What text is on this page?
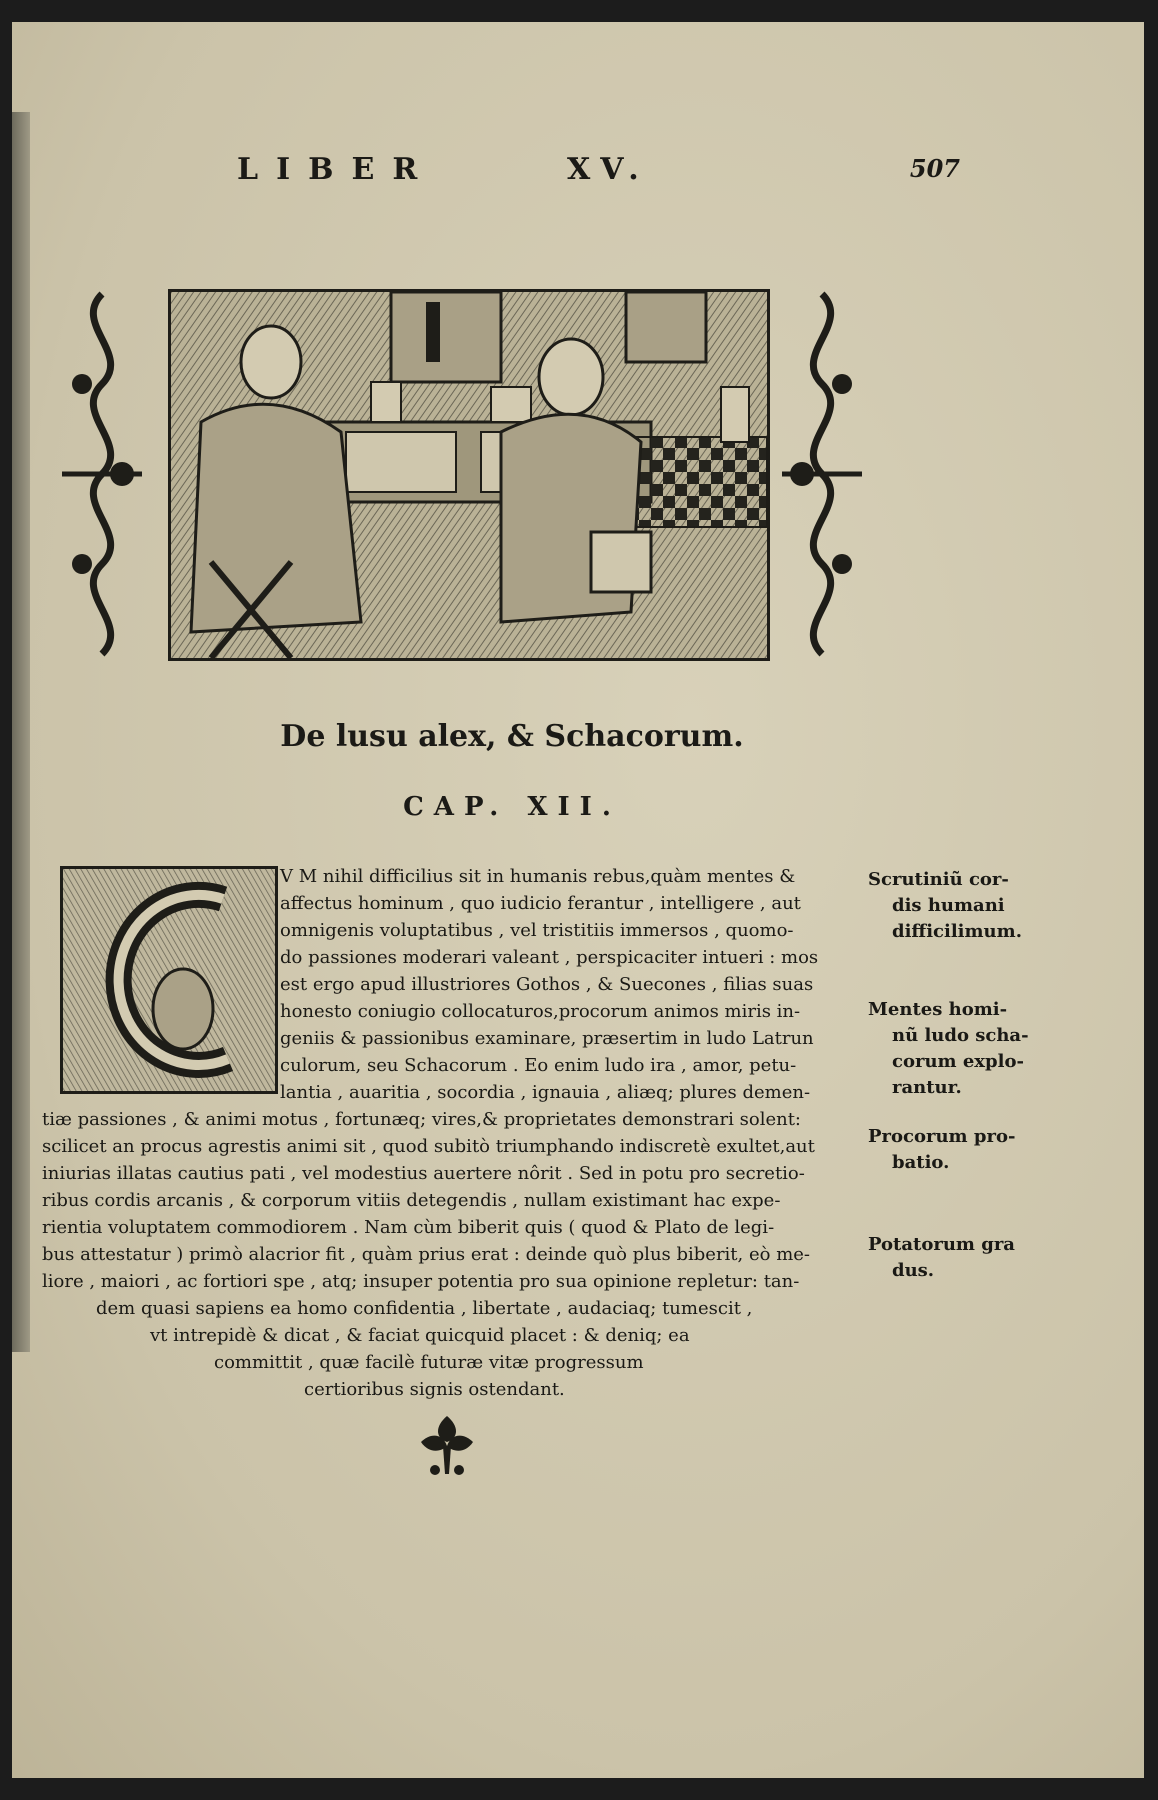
LIBER	XV.	507
De lusu alex, & Schacorum.
CAP. XII.
V M nihil difficilius sit in humanis rebus,quàm mentes &
affectus hominum , quo iudicio ferantur , intelligere , aut
omnigenis voluptatibus , vel tristitiis immersos , quomo-
do passiones moderari valeant , perspicaciter intueri : mos
est ergo apud illustriores Gothos , & Suecones , filias suas
honesto coniugio collocaturos,procorum animos miris in-
geniis & passionibus examinare, præsertim in ludo Latrun
culorum, seu Schacorum . Eo enim ludo ira , amor, petu-
lantia , auaritia , socordia , ignauia , aliæq; plures demen-
tiæ passiones , & animi motus , fortunæq; vires,& proprietates demonstrari solent:
scilicet an procus agrestis animi sit , quod subitò triumphando indiscretè exultet,aut
iniurias illatas cautius pati , vel modestius auertere nôrit . Sed in potu pro secretio-
ribus cordis arcanis , & corporum vitiis detegendis , nullam existimant hac expe-
rientia voluptatem commodiorem . Nam cùm biberit quis ( quod & Plato de legi-
bus attestatur ) primò alacrior fit , quàm prius erat : deinde quò plus biberit, eò me-
liore , maiori , ac fortiori spe , atq; insuper potentia pro sua opinione repletur: tan-
dem quasi sapiens ea homo confidentia , libertate , audaciaq; tumescit ,
vt intrepidè & dicat , & faciat quicquid placet : & deniq; ea
committit , quæ facilè futuræ vitæ progressum
certioribus signis ostendant.
Scrutiniũ cor-
dis humani
difficilimum.
Mentes homi-
nũ ludo scha-
corum explo-
rantur.
Procorum pro-
batio.
Potatorum gra
dus.
